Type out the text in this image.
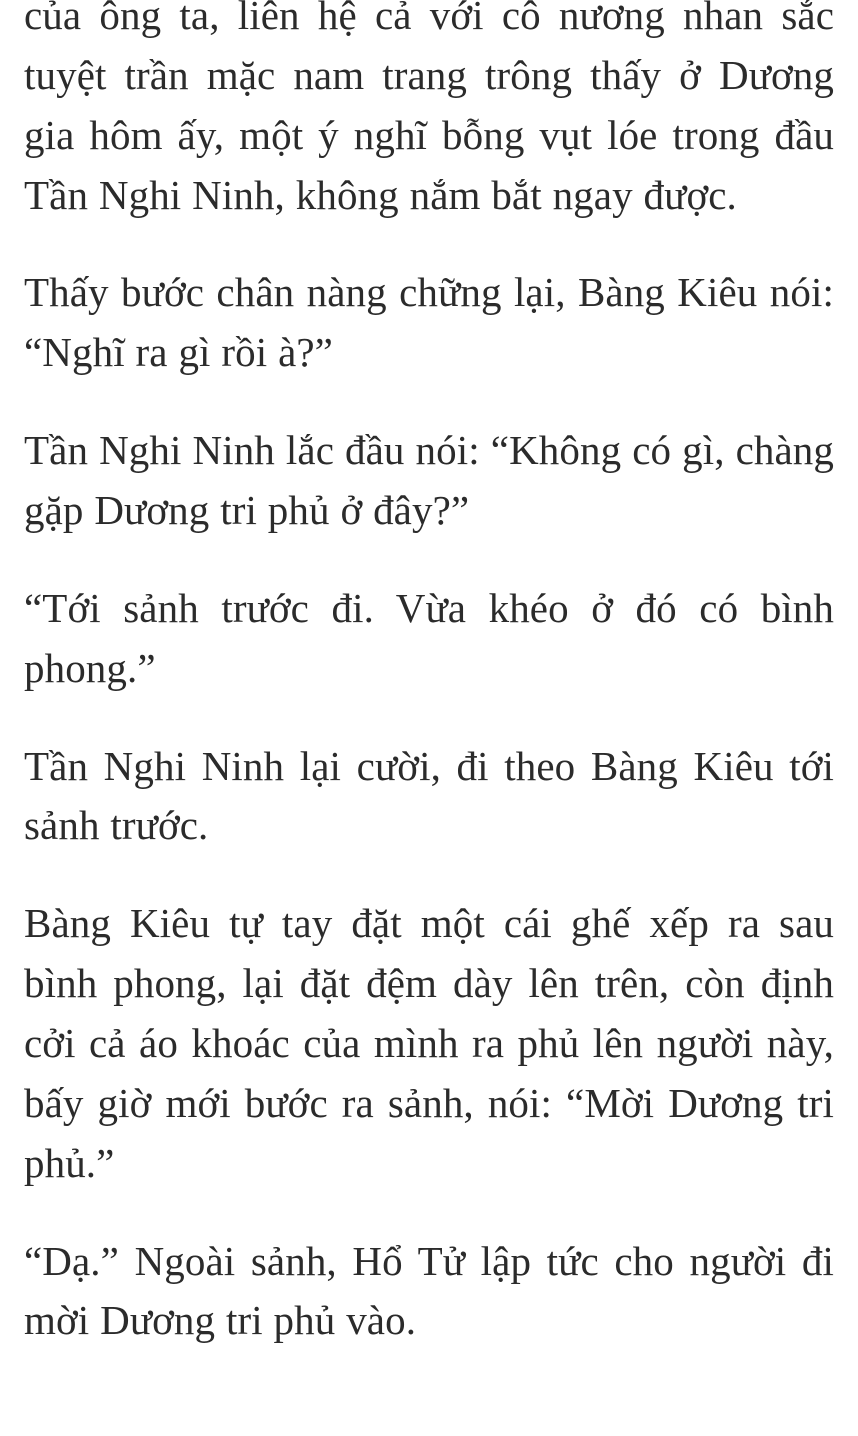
của ông ta, liên hệ cả với cô nương nhan sắc tuyệt trần mặc nam trang trông thấy ở Dương gia hôm ấy, một ý nghĩ bỗng vụt lóe trong đầu Tần Nghi Ninh, không nắm bắt ngay được.

Thấy bước chân nàng chững lại, Bàng Kiêu nói: “Nghĩ ra gì rồi à?”

Tần Nghi Ninh lắc đầu nói: “Không có gì, chàng gặp Dương tri phủ ở đây?”

“Tới sảnh trước đi. Vừa khéo ở đó có bình phong.”

Tần Nghi Ninh lại cười, đi theo Bàng Kiêu tới sảnh trước.

Bàng Kiêu tự tay đặt một cái ghế xếp ra sau bình phong, lại đặt đệm dày lên trên, còn định cởi cả áo khoác của mình ra phủ lên người này, bấy giờ mới bước ra sảnh, nói: “Mời Dương tri phủ.”

“Dạ.” Ngoài sảnh, Hổ Tử lập tức cho người đi mời Dương tri phủ vào.
